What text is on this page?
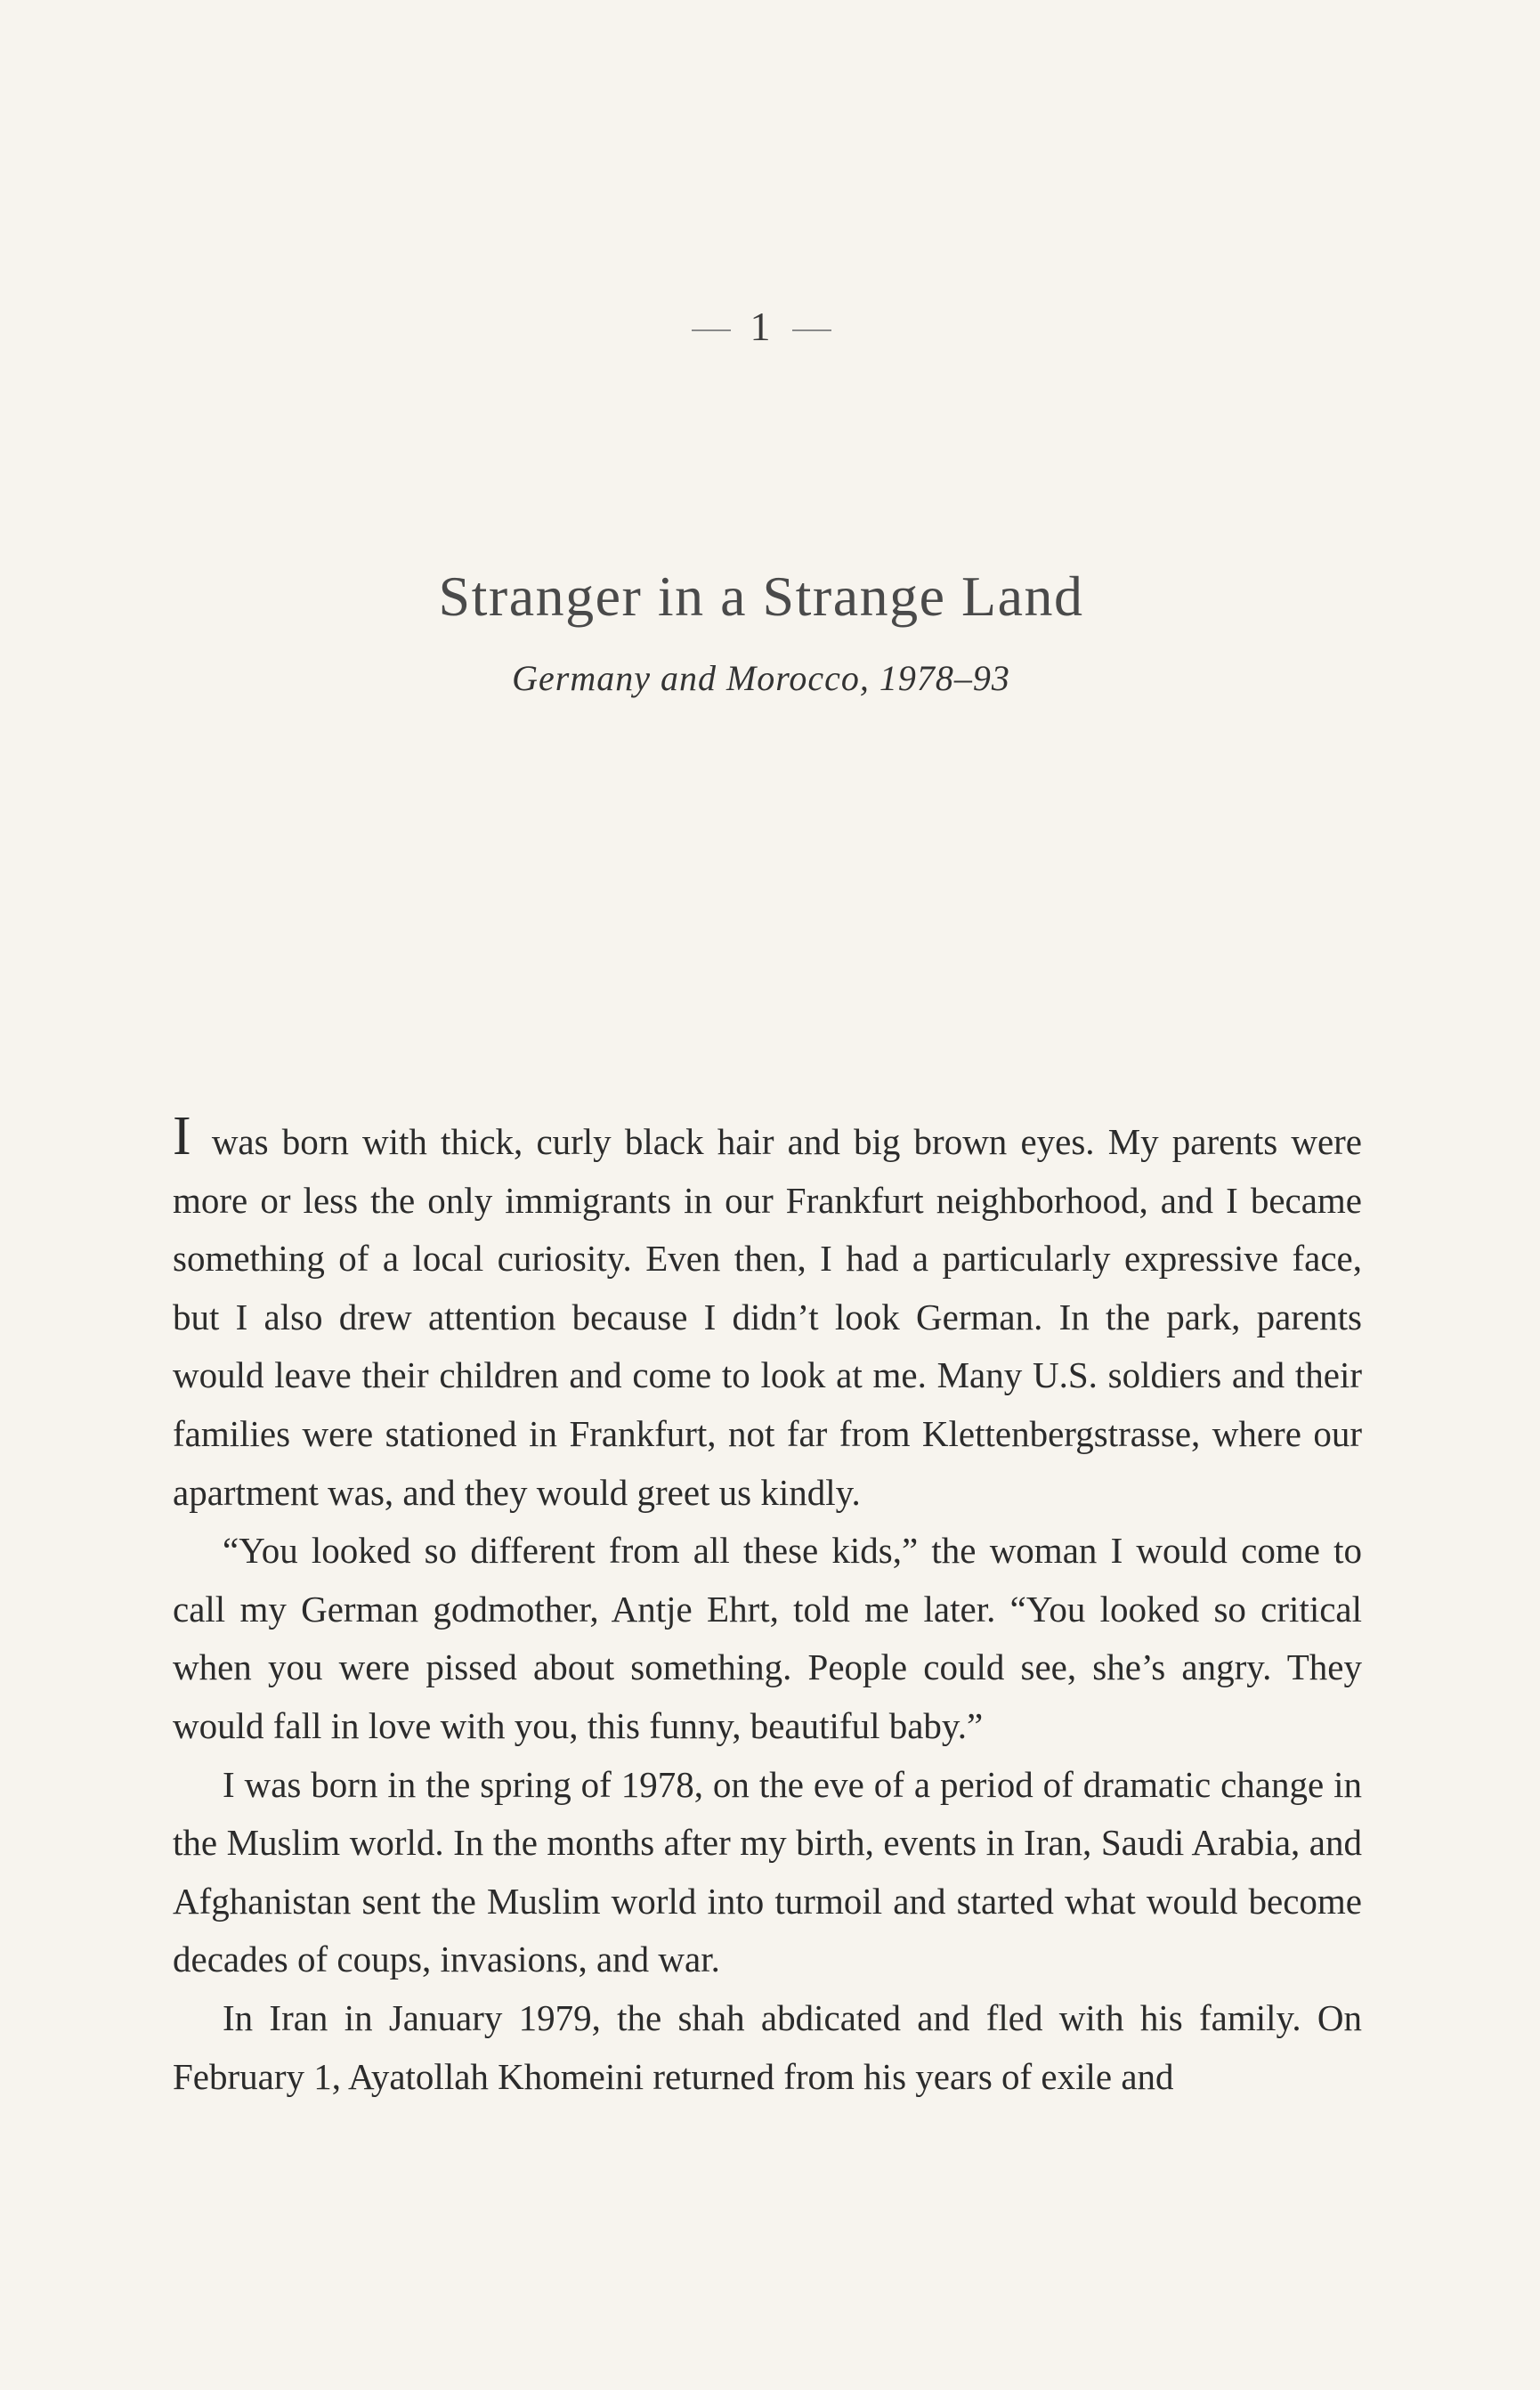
1
Stranger in a Strange Land
Germany and Morocco, 1978–93

I was born with thick, curly black hair and big brown eyes. My parents were more or less the only immigrants in our Frankfurt neighborhood, and I became something of a local curiosity. Even then, I had a particularly expressive face, but I also drew attention because I didn’t look German. In the park, parents would leave their children and come to look at me. Many U.S. soldiers and their families were stationed in Frankfurt, not far from Klettenbergstrasse, where our apartment was, and they would greet us kindly.

“You looked so different from all these kids,” the woman I would come to call my German godmother, Antje Ehrt, told me later. “You looked so critical when you were pissed about something. People could see, she’s angry. They would fall in love with you, this funny, beautiful baby.”

I was born in the spring of 1978, on the eve of a period of dramatic change in the Muslim world. In the months after my birth, events in Iran, Saudi Arabia, and Afghanistan sent the Muslim world into turmoil and started what would become decades of coups, invasions, and war.

In Iran in January 1979, the shah abdicated and fled with his family. On February 1, Ayatollah Khomeini returned from his years of exile and
